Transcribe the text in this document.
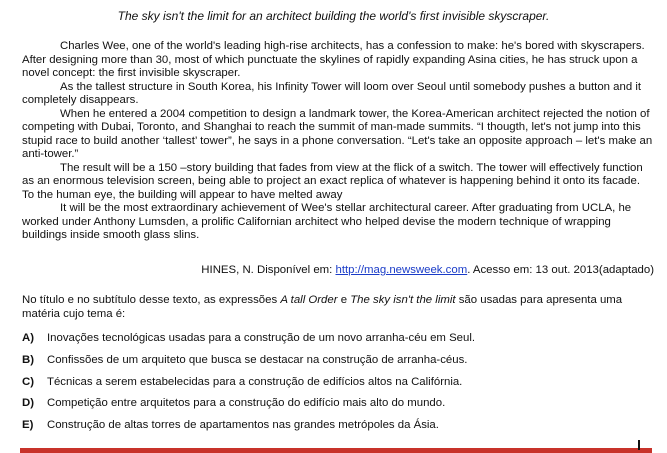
The sky isn't the limit for an architect building the world's first invisible skyscraper.

Charles Wee, one of the world's leading high-rise architects, has a confession to make: he's bored with skyscrapers. After designing more than 30, most of which punctuate the skylines of rapidly expanding Asina cities, he has struck upon a novel concept: the first invisible skyscraper.

As the tallest structure in South Korea, his Infinity Tower will loom over Seoul until somebody pushes a button and it completely disappears.

When he entered a 2004 competition to design a landmark tower, the Korea-American architect rejected the notion of competing with Dubai, Toronto, and Shanghai to reach the summit of man-made summits. “I thougth, let's not jump into this stupid race to build another ‘tallest’ tower”, he says in a phone conversation. “Let's take an opposite approach – let's make an anti-tower.”

The result will be a 150 –story building that fades from view at the flick of a switch. The tower will effectively function as an enormous television screen, being able to project an exact replica of whatever is happening behind it onto its facade. To the human eye, the building will appear to have melted away

It will be the most extraordinary achievement of Wee's stellar architectural career. After graduating from UCLA, he worked under Anthony Lumsden, a prolific Californian architect who helped devise the modern technique of wrapping buildings inside smooth glass slins.

HINES, N. Disponível em: http://mag.newsweek.com. Acesso em: 13 out. 2013(adaptado)
No título e no subtítulo desse texto, as expressões A tall Order e The sky isn't the limit são usadas para apresenta uma matéria cujo tema é:
A) Inovações tecnológicas usadas para a construção de um novo arranha-céu em Seul.
B) Confissões de um arquiteto que busca se destacar na construção de arranha-céus.
C) Técnicas a serem estabelecidas para a construção de edifícios altos na Califórnia.
D) Competição entre arquitetos para a construção do edifício mais alto do mundo.
E) Construção de altas torres de apartamentos nas grandes metrópoles da Ásia.
